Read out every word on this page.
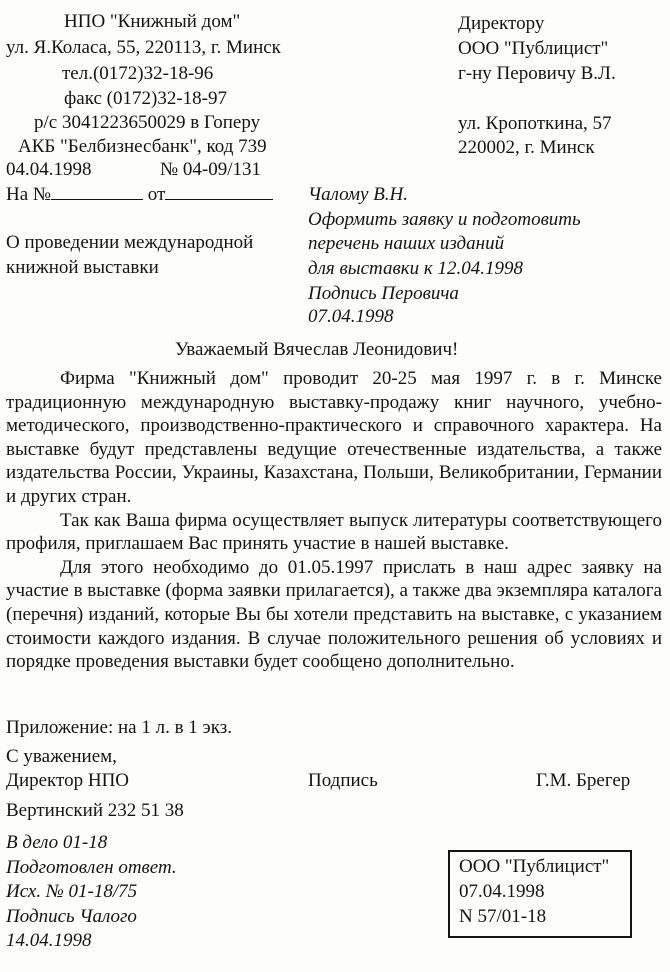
НПО "Книжный дом"
ул. Я.Коласа, 55, 220113, г. Минск
тел.(0172)32-18-96
факс (0172)32-18-97
р/с 3041223650029 в Гоперу
АКБ "Белбизнесбанк", код 739
04.04.1998	№ 04-09/131
На №	от
Директору
ООО "Публицист"
г-ну Перовичу В.Л.
ул. Кропоткина, 57
220002, г. Минск
О проведении международной
книжной выставки
Чалому В.Н.
Оформить заявку и подготовить
перечень наших изданий
для выставки к 12.04.1998
Подпись Перовича
07.04.1998
Уважаемый Вячеслав Леонидович!

Фирма "Книжный дом" проводит 20-25 мая 1997 г. в г. Минске традиционную международную выставку-продажу книг научного, учебно-методического, производственно-практического и справочного характера. На выставке будут представлены ведущие отечественные издательства, а также издательства России, Украины, Казахстана, Польши, Великобритании, Германии и других стран.

Так как Ваша фирма осуществляет выпуск литературы соответствующего профиля, приглашаем Вас принять участие в нашей выставке.

Для этого необходимо до 01.05.1997 прислать в наш адрес заявку на участие в выставке (форма заявки прилагается), а также два экземпляра каталога (перечня) изданий, которые Вы бы хотели представить на выставке, с указанием стоимости каждого издания. В случае положительного решения об условиях и порядке проведения выставки будет сообщено дополнительно.

Приложение: на 1 л. в 1 экз.
С уважением,
Директор НПО	Подпись	Г.М. Брегер
Вертинский 232 51 38
В дело 01-18
Подготовлен ответ.
Исх. № 01-18/75
Подпись Чалого
14.04.1998
ООО "Публицист"
07.04.1998
N 57/01-18
